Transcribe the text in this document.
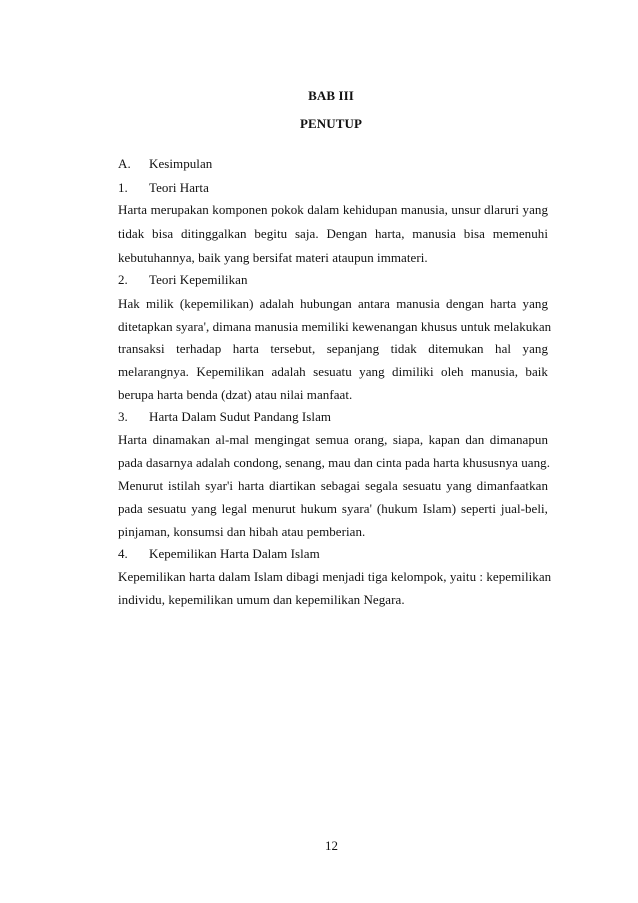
BAB III
PENUTUP
A. Kesimpulan
1. Teori Harta
Harta merupakan komponen pokok dalam kehidupan manusia, unsur dlaruri yang
tidak bisa ditinggalkan begitu saja. Dengan harta, manusia bisa memenuhi
kebutuhannya, baik yang bersifat materi ataupun immateri.
2. Teori Kepemilikan
Hak milik (kepemilikan) adalah hubungan antara manusia dengan harta yang
ditetapkan syara', dimana manusia memiliki kewenangan khusus untuk melakukan
transaksi terhadap harta tersebut, sepanjang tidak ditemukan hal yang
melarangnya. Kepemilikan adalah sesuatu yang dimiliki oleh manusia, baik
berupa harta benda (dzat) atau nilai manfaat.
3. Harta Dalam Sudut Pandang Islam
Harta dinamakan al-mal mengingat semua orang, siapa, kapan dan dimanapun
pada dasarnya adalah condong, senang, mau dan cinta pada harta khususnya uang.
Menurut istilah syar'i harta diartikan sebagai segala sesuatu yang dimanfaatkan
pada sesuatu yang legal menurut hukum syara' (hukum Islam) seperti jual-beli,
pinjaman, konsumsi dan hibah atau pemberian.
4. Kepemilikan Harta Dalam Islam
Kepemilikan harta dalam Islam dibagi menjadi tiga kelompok, yaitu : kepemilikan
individu, kepemilikan umum dan kepemilikan Negara.
12
